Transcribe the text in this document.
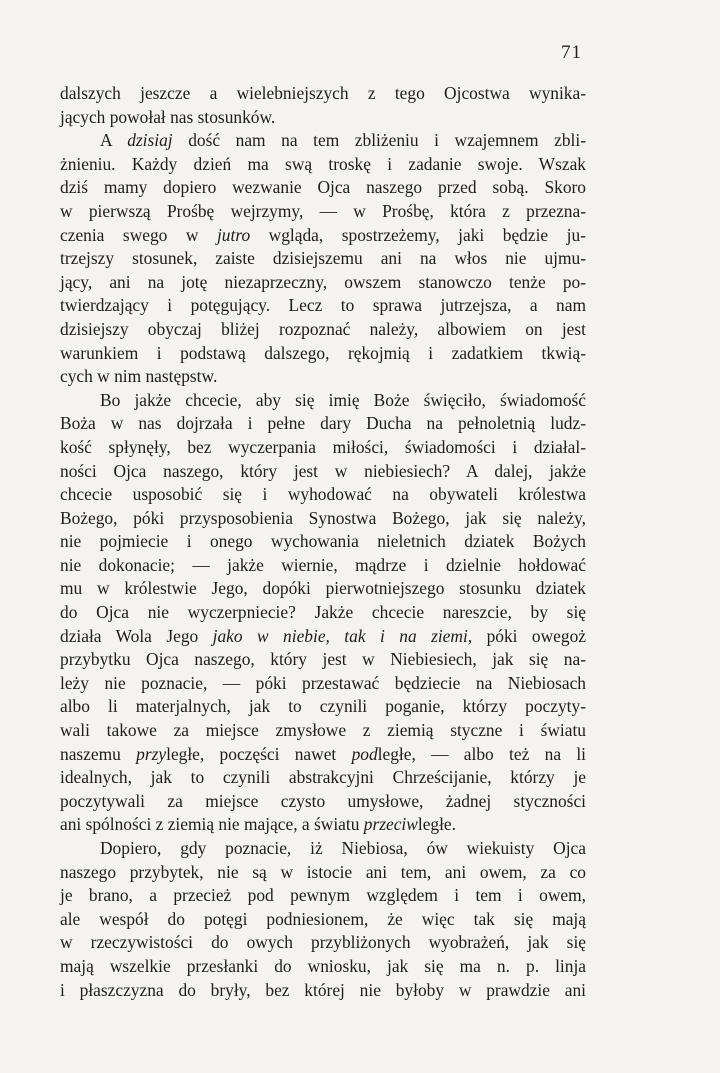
71
dalszych jeszcze a wielebniejszych z tego Ojcostwa wynika-
jących powołał nas stosunków.
A dzisiaj dość nam na tem zbliżeniu i wzajemnem zbli-
żnieniu. Każdy dzień ma swą troskę i zadanie swoje. Wszak
dziś mamy dopiero wezwanie Ojca naszego przed sobą. Skoro
w pierwszą Prośbę wejrzymy, — w Prośbę, która z przezna-
czenia swego w jutro wgląda, spostrzeżemy, jaki będzie ju-
trzejszy stosunek, zaiste dzisiejszemu ani na włos nie ujmu-
jący, ani na jotę niezaprzeczny, owszem stanowczo tenże po-
twierdzający i potęgujący. Lecz to sprawa jutrzejsza, a nam
dzisiejszy obyczaj bliżej rozpoznać należy, albowiem on jest
warunkiem i podstawą dalszego, rękojmią i zadatkiem tkwią-
cych w nim następstw.
Bo jakże chcecie, aby się imię Boże święciło, świadomość
Boża w nas dojrzała i pełne dary Ducha na pełnoletnią ludz-
kość spłynęły, bez wyczerpania miłości, świadomości i działal-
ności Ojca naszego, który jest w niebiesiech? A dalej, jakże
chcecie usposobić się i wyhodować na obywateli królestwa
Bożego, póki przysposobienia Synostwa Bożego, jak się należy,
nie pojmiecie i onego wychowania nieletnich dziatek Bożych
nie dokonacie; — jakże wiernie, mądrze i dzielnie hołdować
mu w królestwie Jego, dopóki pierwotniejszego stosunku dziatek
do Ojca nie wyczerpniecie? Jakże chcecie nareszcie, by się
działa Wola Jego jako w niebie, tak i na ziemi, póki owegoż
przybytku Ojca naszego, który jest w Niebiesiech, jak się na-
leży nie poznacie, — póki przestawać będziecie na Niebiosach
albo li materjalnych, jak to czynili poganie, którzy poczyty-
wali takowe za miejsce zmysłowe z ziemią styczne i światu
naszemu przyległe, poczęści nawet podległe, — albo też na li
idealnych, jak to czynili abstrakcyjni Chrześcijanie, którzy je
poczytywali za miejsce czysto umysłowe, żadnej styczności
ani spólności z ziemią nie mające, a światu przeciwległe.
Dopiero, gdy poznacie, iż Niebiosa, ów wiekuisty Ojca
naszego przybytek, nie są w istocie ani tem, ani owem, za co
je brano, a przecież pod pewnym względem i tem i owem,
ale wespół do potęgi podniesionem, że więc tak się mają
w rzeczywistości do owych przybliżonych wyobrażeń, jak się
mają wszelkie przesłanki do wniosku, jak się ma n. p. linja
i płaszczyzna do bryły, bez której nie byłoby w prawdzie ani
